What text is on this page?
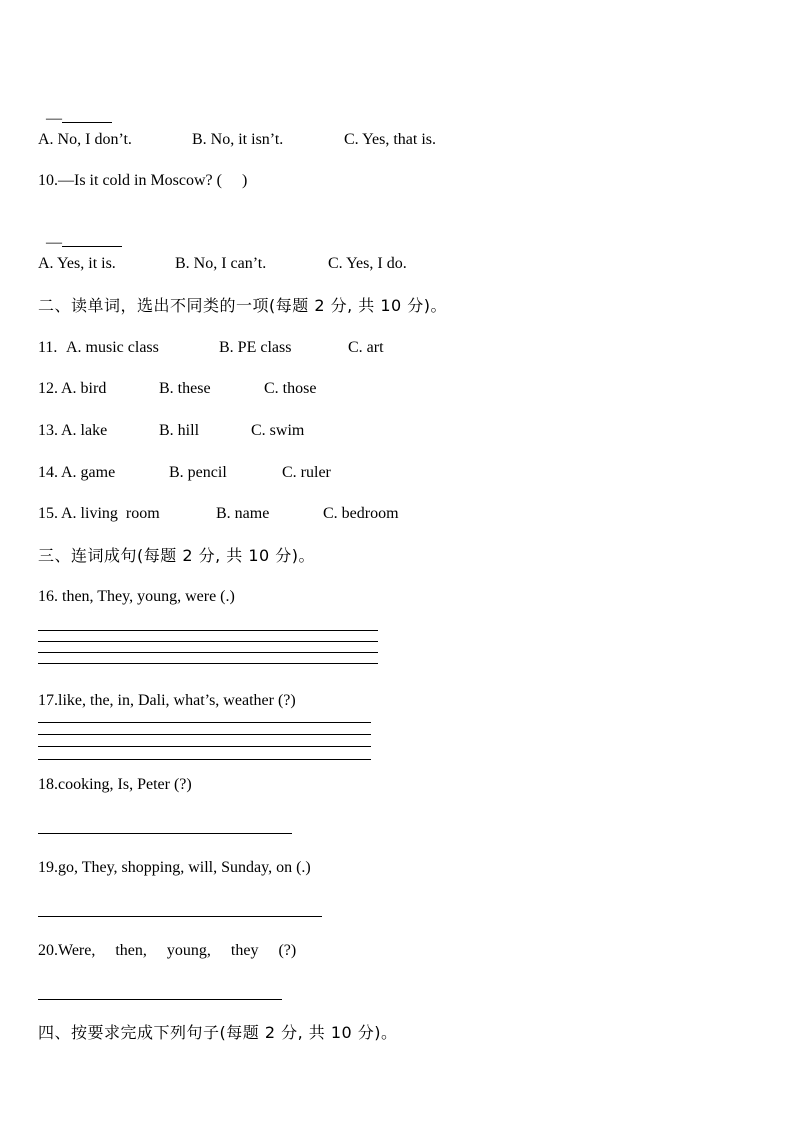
—

A. No, I don’t.	B. No, it isn’t.	C. Yes, that is.
10.—Is it cold in Moscow? (     )

—

A. Yes, it is.	B. No, I can’t.	C. Yes, I do.
二、读单词，选出不同类的一项(每题 2 分, 共 10 分)。
11. A. music class	B. PE class	C. art
12. A. bird	B. these	C. those
13. A. lake	B. hill	C. swim
14. A. game	B. pencil	C. ruler
15. A. living  room	B. name	C. bedroom
三、连词成句(每题 2 分, 共 10 分)。
16. then, They, young, were (.)
17.like, the, in, Dali, what’s, weather (?)
18.cooking, Is, Peter (?)
19.go, They, shopping, will, Sunday, on (.)
20.Were,     then,     young,     they     (?)
四、按要求完成下列句子(每题 2 分, 共 10 分)。
